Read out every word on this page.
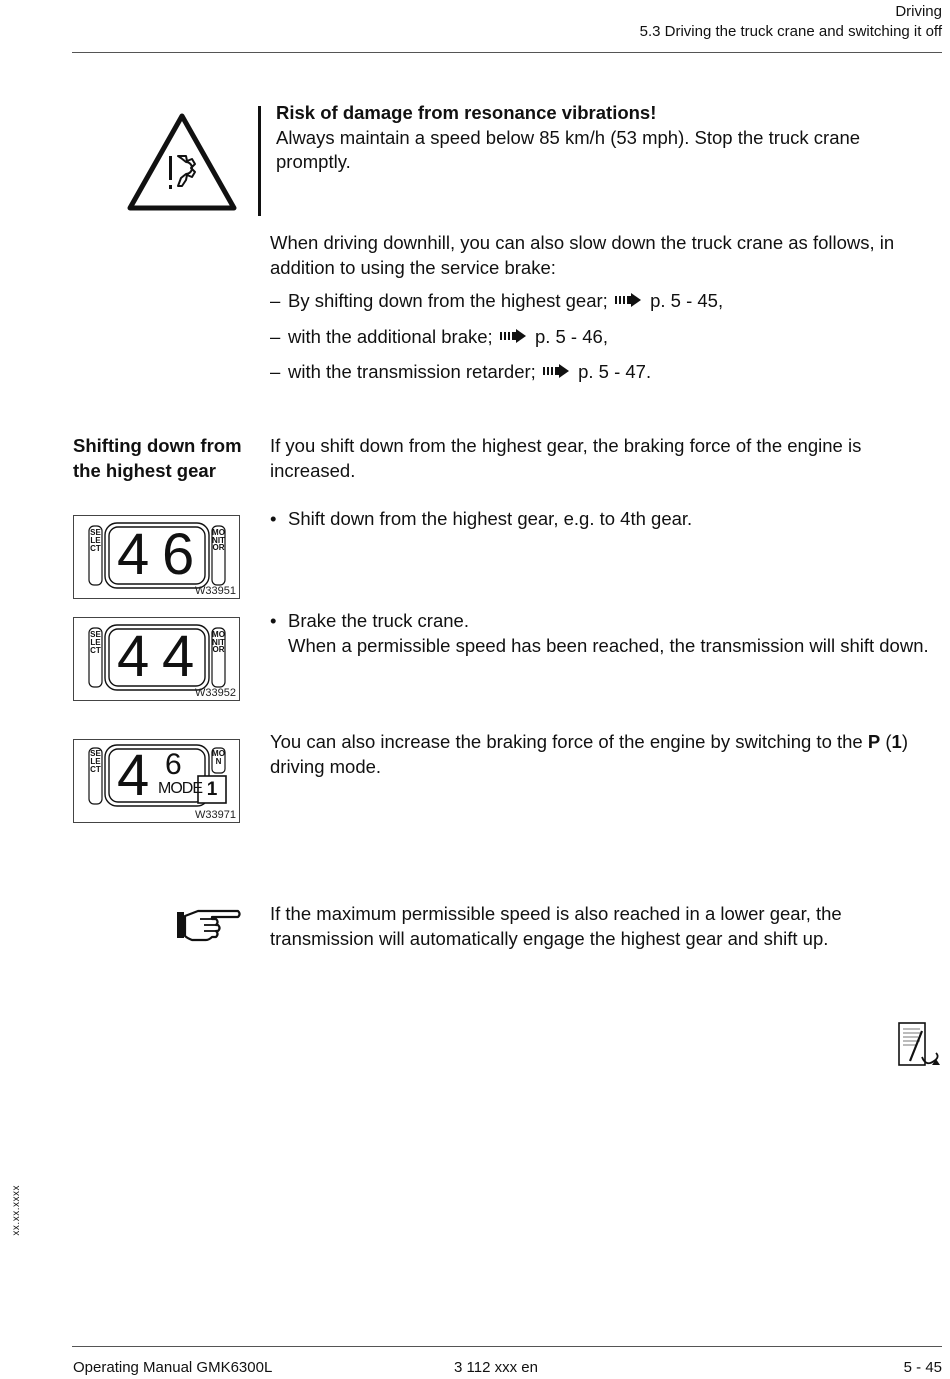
Driving
5.3 Driving the truck crane and switching it off
Risk of damage from resonance vibrations!
Always maintain a speed below 85 km/h (53 mph). Stop the truck crane promptly.
When driving downhill, you can also slow down the truck crane as follows, in addition to using the service brake:
– By shifting down from the highest gear; p. 5 - 45,
– with the additional brake; p. 5 - 46,
– with the transmission retarder; p. 5 - 47.
Shifting down from the highest gear
If you shift down from the highest gear, the braking force of the engine is increased.
• Shift down from the highest gear, e.g. to 4th gear.
• Brake the truck crane.
When a permissible speed has been reached, the transmission will shift down.
You can also increase the braking force of the engine by switching to the P (1) driving mode.
SELECT
MONITOR
4 6
W33951
SELECT
MONITOR
4 4
W33952
SELECT
MON
4 6
MODE 1
W33971
If the maximum permissible speed is also reached in a lower gear, the transmission will automatically engage the highest gear and shift up.
xx.xx.xxxx
Operating Manual GMK6300L	3 112 xxx en	5 - 45
